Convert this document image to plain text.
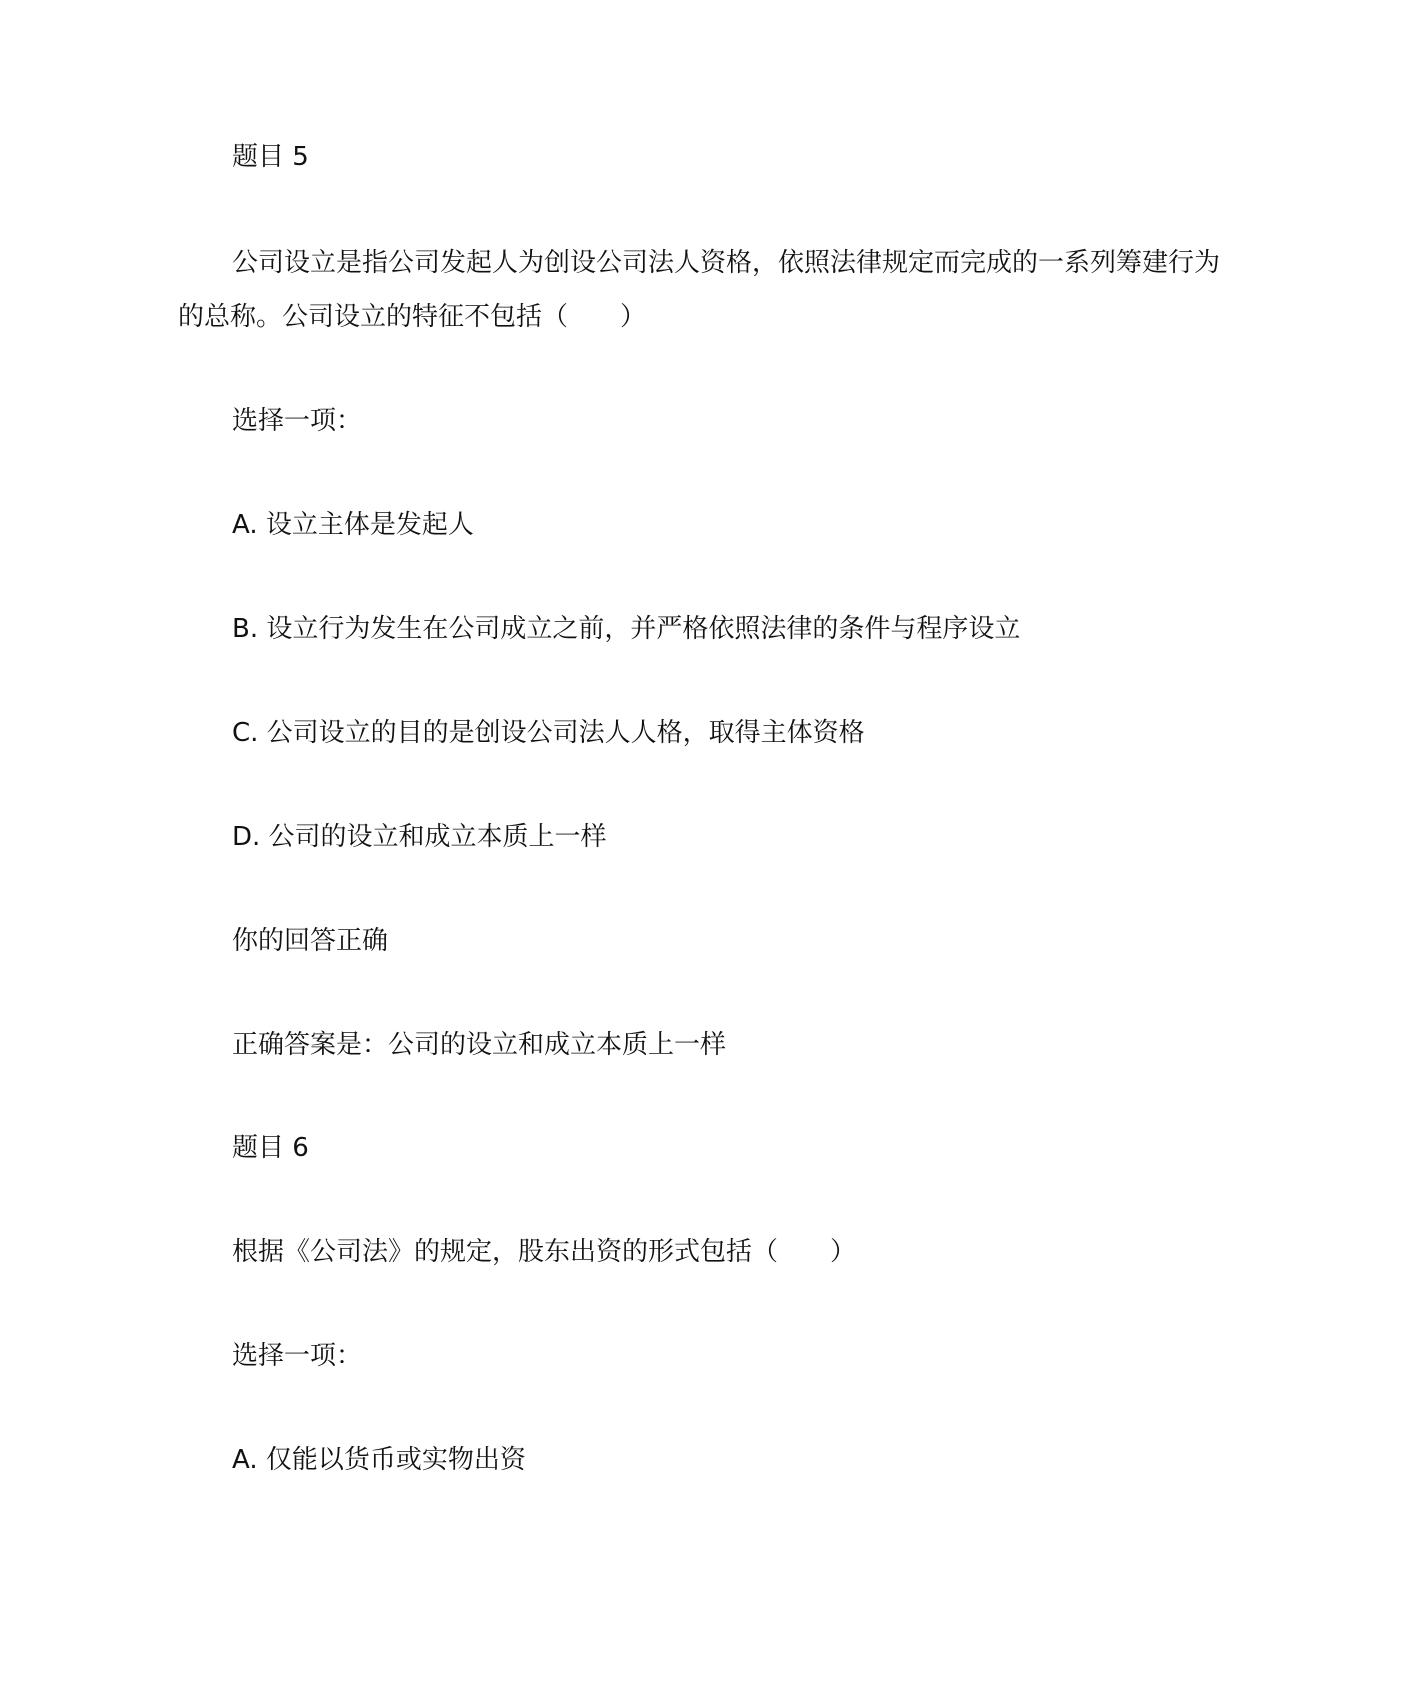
题目 5
公司设立是指公司发起人为创设公司法人资格，依照法律规定而完成的一系列筹建行为的总称。公司设立的特征不包括（　　）
选择一项：
A. 设立主体是发起人
B. 设立行为发生在公司成立之前，并严格依照法律的条件与程序设立
C. 公司设立的目的是创设公司法人人格，取得主体资格
D. 公司的设立和成立本质上一样
你的回答正确
正确答案是：公司的设立和成立本质上一样
题目 6
根据《公司法》的规定，股东出资的形式包括（　　）
选择一项：
A. 仅能以货币或实物出资
